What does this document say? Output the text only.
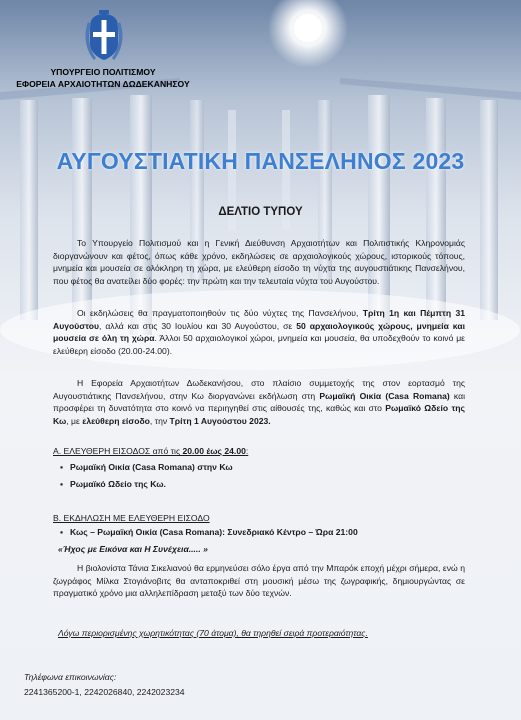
ΥΠΟΥΡΓΕΙΟ ΠΟΛΙΤΙΣΜΟΥ
ΕΦΟΡΕΙΑ ΑΡΧΑΙΟΤΗΤΩΝ ΔΩΔΕΚΑΝΗΣΟΥ
ΑΥΓΟΥΣΤΙΑΤΙΚΗ ΠΑΝΣΕΛΗΝΟΣ 2023
ΔΕΛΤΙΟ ΤΥΠΟΥ
Το Υπουργείο Πολιτισμού και η Γενική Διεύθυνση Αρχαιοτήτων και Πολιτιστικής Κληρονομιάς διοργανώνουν και φέτος, όπως κάθε χρόνο, εκδηλώσεις σε αρχαιολογικούς χώρους, ιστορικούς τόπους, μνημεία και μουσεία σε ολόκληρη τη χώρα, με ελεύθερη είσοδο τη νύχτα της αυγουστιάτικης Πανσελήνου, που φέτος θα ανατείλει δύο φορές: την πρώτη και την τελευταία νύχτα του Αυγούστου.
Οι εκδηλώσεις θα πραγματοποιηθούν τις δύο νύχτες της Πανσελήνου, Τρίτη 1η και Πέμπτη 31 Αυγούστου, αλλά και στις 30 Ιουλίου και 30 Αυγούστου, σε 50 αρχαιολογικούς χώρους, μνημεία και μουσεία σε όλη τη χώρα. Άλλοι 50 αρχαιολογικοί χώροι, μνημεία και μουσεία, θα υποδεχθούν το κοινό με ελεύθερη είσοδο (20.00-24.00).
Η Εφορεία Αρχαιοτήτων Δωδεκανήσου, στο πλαίσιο συμμετοχής της στον εορτασμό της Αυγουστιάτικης Πανσελήνου, στην Κω διοργανώνει εκδήλωση στη Ρωμαϊκή Οικία (Casa Romana) και προσφέρει τη δυνατότητα στο κοινό να περιηγηθεί στις αίθουσές της, καθώς και στο Ρωμαϊκό Ωδείο της Κω, με ελεύθερη είσοδο, την Τρίτη 1 Αυγούστου 2023.
Α. ΕΛΕΥΘΕΡΗ ΕΙΣΟΔΟΣ από τις 20.00 έως 24.00:
▪ Ρωμαϊκή Οικία (Casa Romana) στην Κω
▪ Ρωμαϊκό Ωδείο της Κω.
Β. ΕΚΔΗΛΩΣΗ ΜΕ ΕΛΕΥΘΕΡΗ ΕΙΣΟΔΟ
▪ Κως – Ρωμαϊκή Οικία (Casa Romana): Συνεδριακό Κέντρο – Ώρα 21:00
«Ήχος με Εικόνα και Η Συνέχεια..... »
Η βιολονίστα Τάνια Σικελιανού θα ερμηνεύσει σόλο έργα από την Μπαρόκ εποχή μέχρι σήμερα, ενώ η ζωγράφος Μίλκα Στογιάνοβιτς θα ανταποκριθεί στη μουσική μέσω της ζωγραφικής, δημιουργώντας σε πραγματικό χρόνο μια αλληλεπίδραση μεταξύ των δύο τεχνών.
Λόγω περιορισμένης χωρητικότητας (70 άτομα), θα τηρηθεί σειρά προτεραιότητας.
Τηλέφωνα επικοινωνίας:
2241365200-1, 2242026840, 2242023234
